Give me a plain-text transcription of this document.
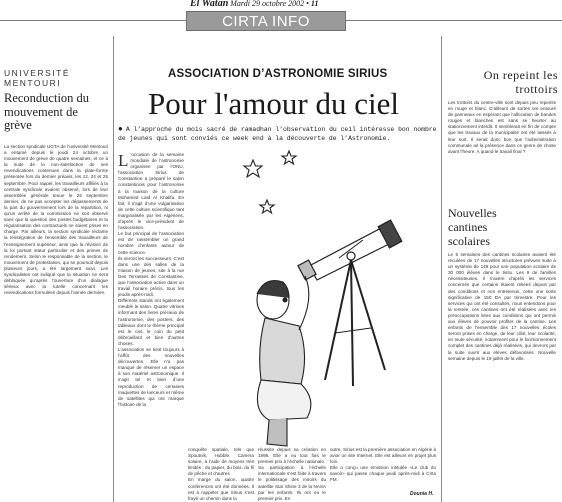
El Watan Mardi 29 octobre 2002 • 11
CIRTA INFO
UNIVERSITÉ
MENTOURI
Reconduction du mouvement de grève

La section syndicale UGTA de l’université Mentouri a entamé depuis le jeudi 24 octobre un mouvement de grève de quatre semaines, et ce à la suite de la non-satisfaction de ses revendications contenues dans la plate-forme présentée lors du dernier préavis, les 12, 24 et 25 septembre. Pour rappel, les travailleurs affiliés à la centrale syndicale avaient observé, lors de leur assemblée générale tenue le 25 septembre dernier, de ne pas accepter les dépassements de la part du gouvernement lors de la répartition, ni qu’un arrêté de la commission ne soit observé sans que la question des postes budgétaires et la régularisation des contractuels ne soient prises en charge. Par ailleurs, la section syndicale réclame la réintégration de l’ensemble des travailleurs de l’enseignement supérieur, ainsi que la révision de la loi portant statut particulier et des primes de rendement. Selon le responsable de la section, le mouvement de protestation, qui se poursuit depuis plusieurs jours, a été largement suivi. Les syndicalistes ont indiqué que la situation ne sera débloquée qu’après l’ouverture d’un dialogue sérieux avec la tutelle concernant les revendications formulées depuis l’année dernière.

ASSOCIATION D’ASTRONOMIE SIRIUS
Pour l'amour du ciel
● A l’approche du mois sacré de ramadhan l’observation du ceil intéresse bon nombre de jeunes qui sont conviés ce week end à la découverte de l’Astronomie.
L ’occasion de la semaine mondiale de l’astronomie organisée par l’ONU, l’association Sirius de Constantine a préparé le salon constantinois pour l’astronomie à la maison de la culture Mohamed Laïd Al Khalifa. En fait, il s’agit d’une vulgarisation de cette culture scientifique tant marginalisée par les Algériens, d’après le vice-président de l’association.
Le but principal de l’association est de rassembler un grand nombre d’enfants autour de cette science.
Ils seront les successeurs. C’est dans une des salles de la maison de jeunes, site à la rue Des Terrasses de Constantine, que l’association active dans un travail horaire précis, tous les jeudis après-midi.
Différents stands ont également meublé le salon. Quatre vitrines informant des livres précieux de l’astronomie, des posters, des tableaux dont le thème principal est le ciel, le coin du petit débrouillard et bien d’autres choses.
L’association se tient toujours à l’affût des nouvelles découvertes. Elle n’a pas manqué de réserver un espace à son matériel astronomique. Il s’agit tel et bien d’une reproduction de certaines maquettes de lanceurs et même de satellites qui ont marqué l’histoire de la

conquête spatiale, tels que Spoutnik, Hubble. Camera solaire, à l’aide de moyens très limités : du papier, du bois, du fil de pêche et d’autres.
En marge du salon, quatre conférences ont été données. Il est à rappeler que Sirius s’est frayé un chemin dans la

réussite depuis sa création en 1996. Elle a eu tout fois le premier prix à l’échelle nationale.
Sa participation à l’échelle internationale s’est faite à travers le politissage des miroirs du satellite Star Shine 3 de la NASA par les enfants. Ils ont eu le premier prix. En

outre, Sirius est la première association en Algérie à avoir un site Internet. Elle est ailleurs en projet plus loin.
Elle a conçu une émission intitulée «Le club du savoir» qui passe chaque jeudi après-midi à Cirta FM.

Dounia H.
On repeint les trottoirs

Les trottoirs du centre-ville sont depuis peu repeints en rouge et blanc. D’ailleurs de sortes ont entouré de panneaux en espérant que l’allocation de bandes rouges et blanches est sans se heurter au stationnement interdit. Il semblerait en fin de compte que les travaux de la municipalité ont été laissés à leur sort. Il serait donc bon que l’administration communale ait la présence dans ce genre de chose avant l’heure. A quand le travail final ?

Nouvelles cantines scolaires

Le 5 semaines des cantines scolaires avaient été reculées de 17 nouvelles structures prévues suite à un système de 149 pour une population scolaire de 30 000 élèves dans le tissu. Les 9 de familles nécessiteuses. Il s’avère d’après les services concernés que certains étaient reliées depuis par des conditions et non entretenus, cette une sorte significative de 150 DA par trimestre. Pour les services qui ont été consultés, nous entendons pour la rentrée, ces cantines ont été réalisées avec les préoccupations liées aux conditions qui ont permis aux élèves de pouvoir profiter de la cantine. Les enfants de l’ensemble des 17 nouvelles écoles seront prises en charge, de leur côté, leur scolarité, en toute sécurité, notamment pour le fonctionnement complet des cantines déjà réalisées, qui devront par la suite ouvrir aux élèves défavorisés. Nouvelle semaine depuis le 19 juillet de la ville.
